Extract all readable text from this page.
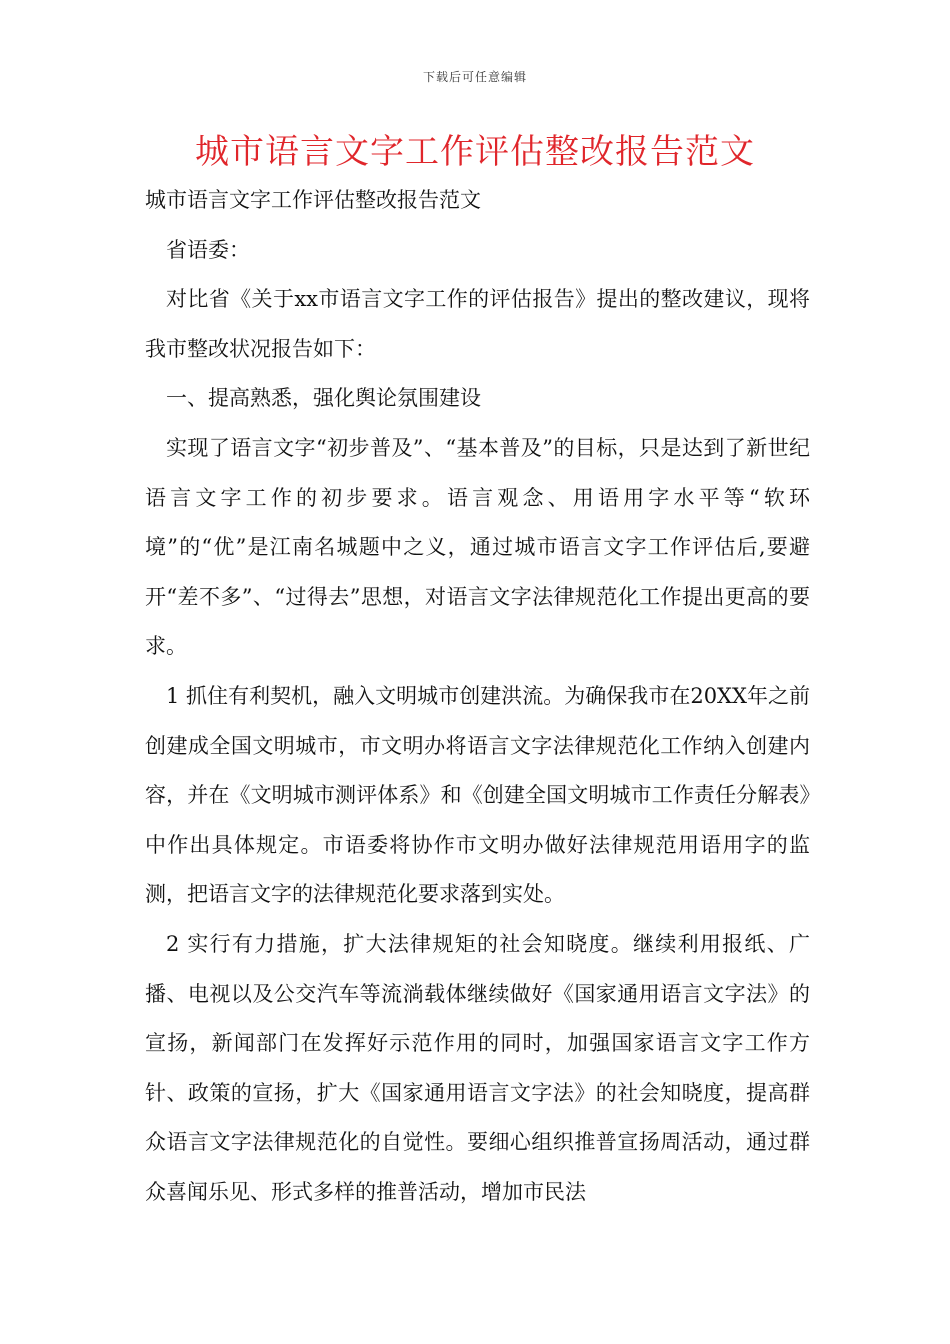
下载后可任意编辑
城市语言文字工作评估整改报告范文

城市语言文字工作评估整改报告范文

省语委：

对比省《关于xx市语言文字工作的评估报告》提出的整改建议，现将我市整改状况报告如下：

一、提高熟悉，强化舆论氛围建设

实现了语言文字“初步普及”、“基本普及”的目标，只是达到了新世纪语言文字工作的初步要求。语言观念、用语用字水平等“软环境”的“优”是江南名城题中之义，通过城市语言文字工作评估后,要避开“差不多”、“过得去”思想，对语言文字法律规范化工作提出更高的要求。

1 抓住有利契机，融入文明城市创建洪流。为确保我市在20XX年之前创建成全国文明城市，市文明办将语言文字法律规范化工作纳入创建内容，并在《文明城市测评体系》和《创建全国文明城市工作责任分解表》中作出具体规定。市语委将协作市文明办做好法律规范用语用字的监测，把语言文字的法律规范化要求落到实处。

2 实行有力措施，扩大法律规矩的社会知晓度。继续利用报纸、广播、电视以及公交汽车等流淌载体继续做好《国家通用语言文字法》的宣扬，新闻部门在发挥好示范作用的同时，加强国家语言文字工作方针、政策的宣扬，扩大《国家通用语言文字法》的社会知晓度，提高群众语言文字法律规范化的自觉性。要细心组织推普宣扬周活动，通过群众喜闻乐见、形式多样的推普活动，增加市民法
